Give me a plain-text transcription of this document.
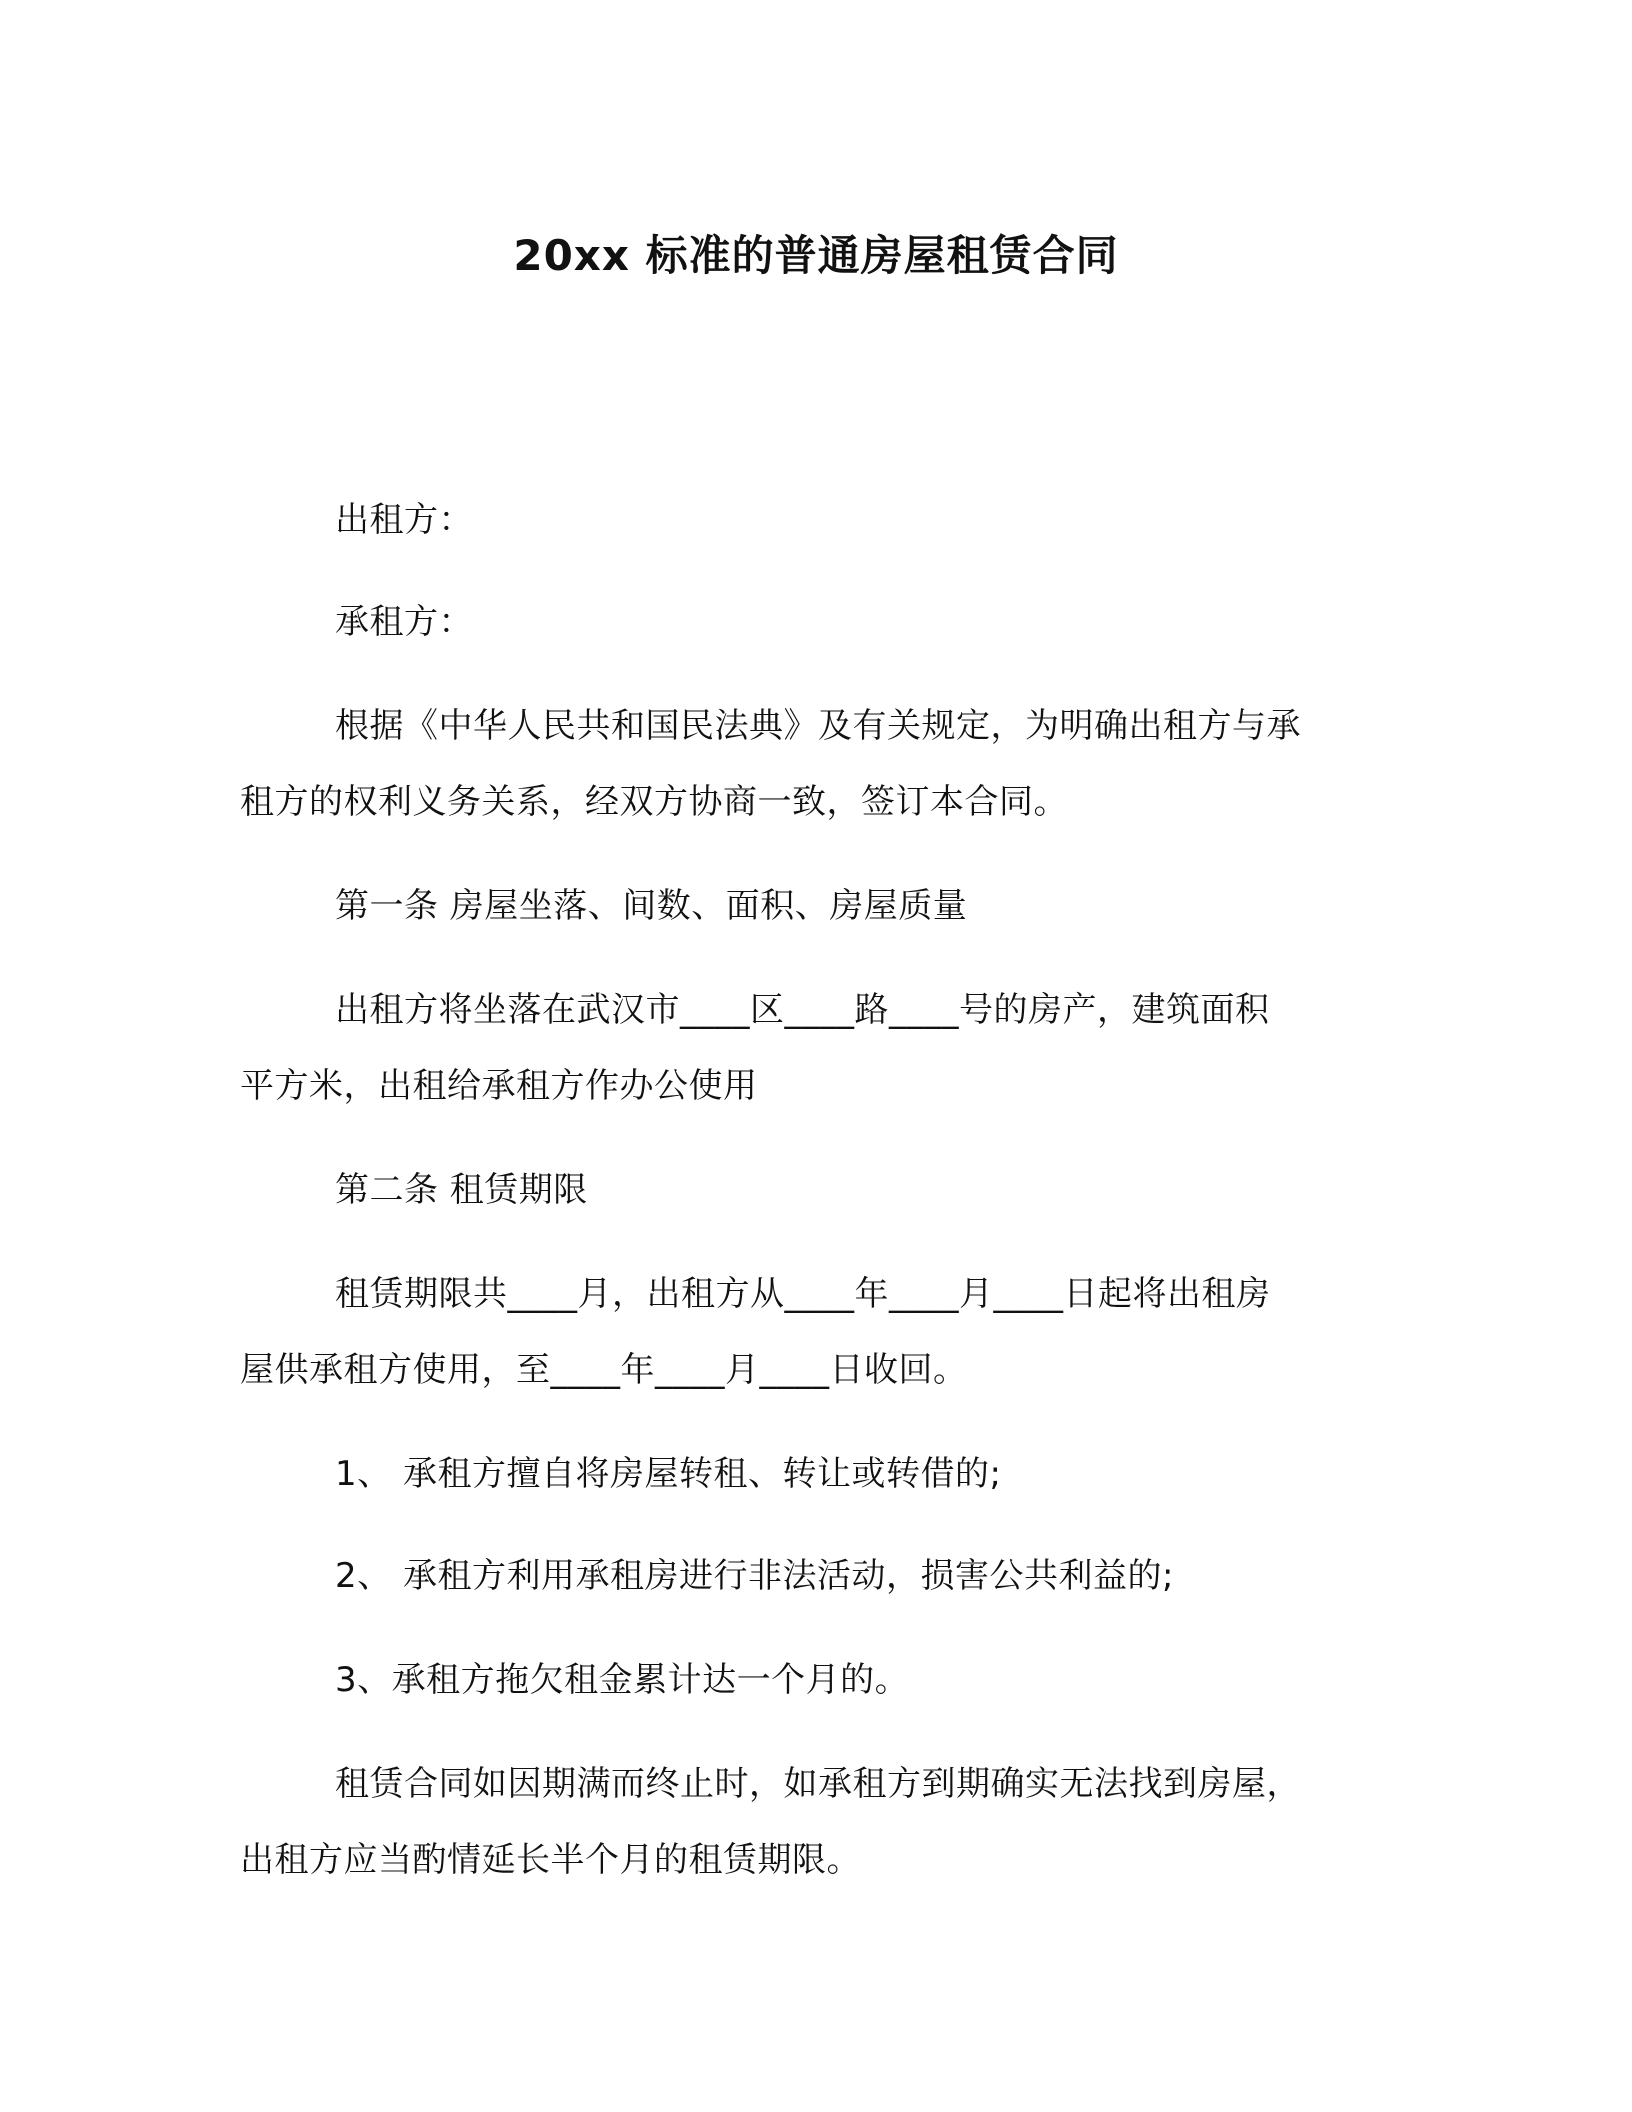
20xx 标准的普通房屋租赁合同
出租方：
承租方：
根据《中华人民共和国民法典》及有关规定，为明确出租方与承
租方的权利义务关系，经双方协商一致，签订本合同。
第一条 房屋坐落、间数、面积、房屋质量
出租方将坐落在武汉市____区____路____号的房产，建筑面积
平方米，出租给承租方作办公使用
第二条 租赁期限
租赁期限共____月，出租方从____年____月____日起将出租房
屋供承租方使用，至____年____月____日收回。
1、 承租方擅自将房屋转租、转让或转借的;
2、 承租方利用承租房进行非法活动，损害公共利益的;
3、承租方拖欠租金累计达一个月的。
租赁合同如因期满而终止时，如承租方到期确实无法找到房屋，
出租方应当酌情延长半个月的租赁期限。
